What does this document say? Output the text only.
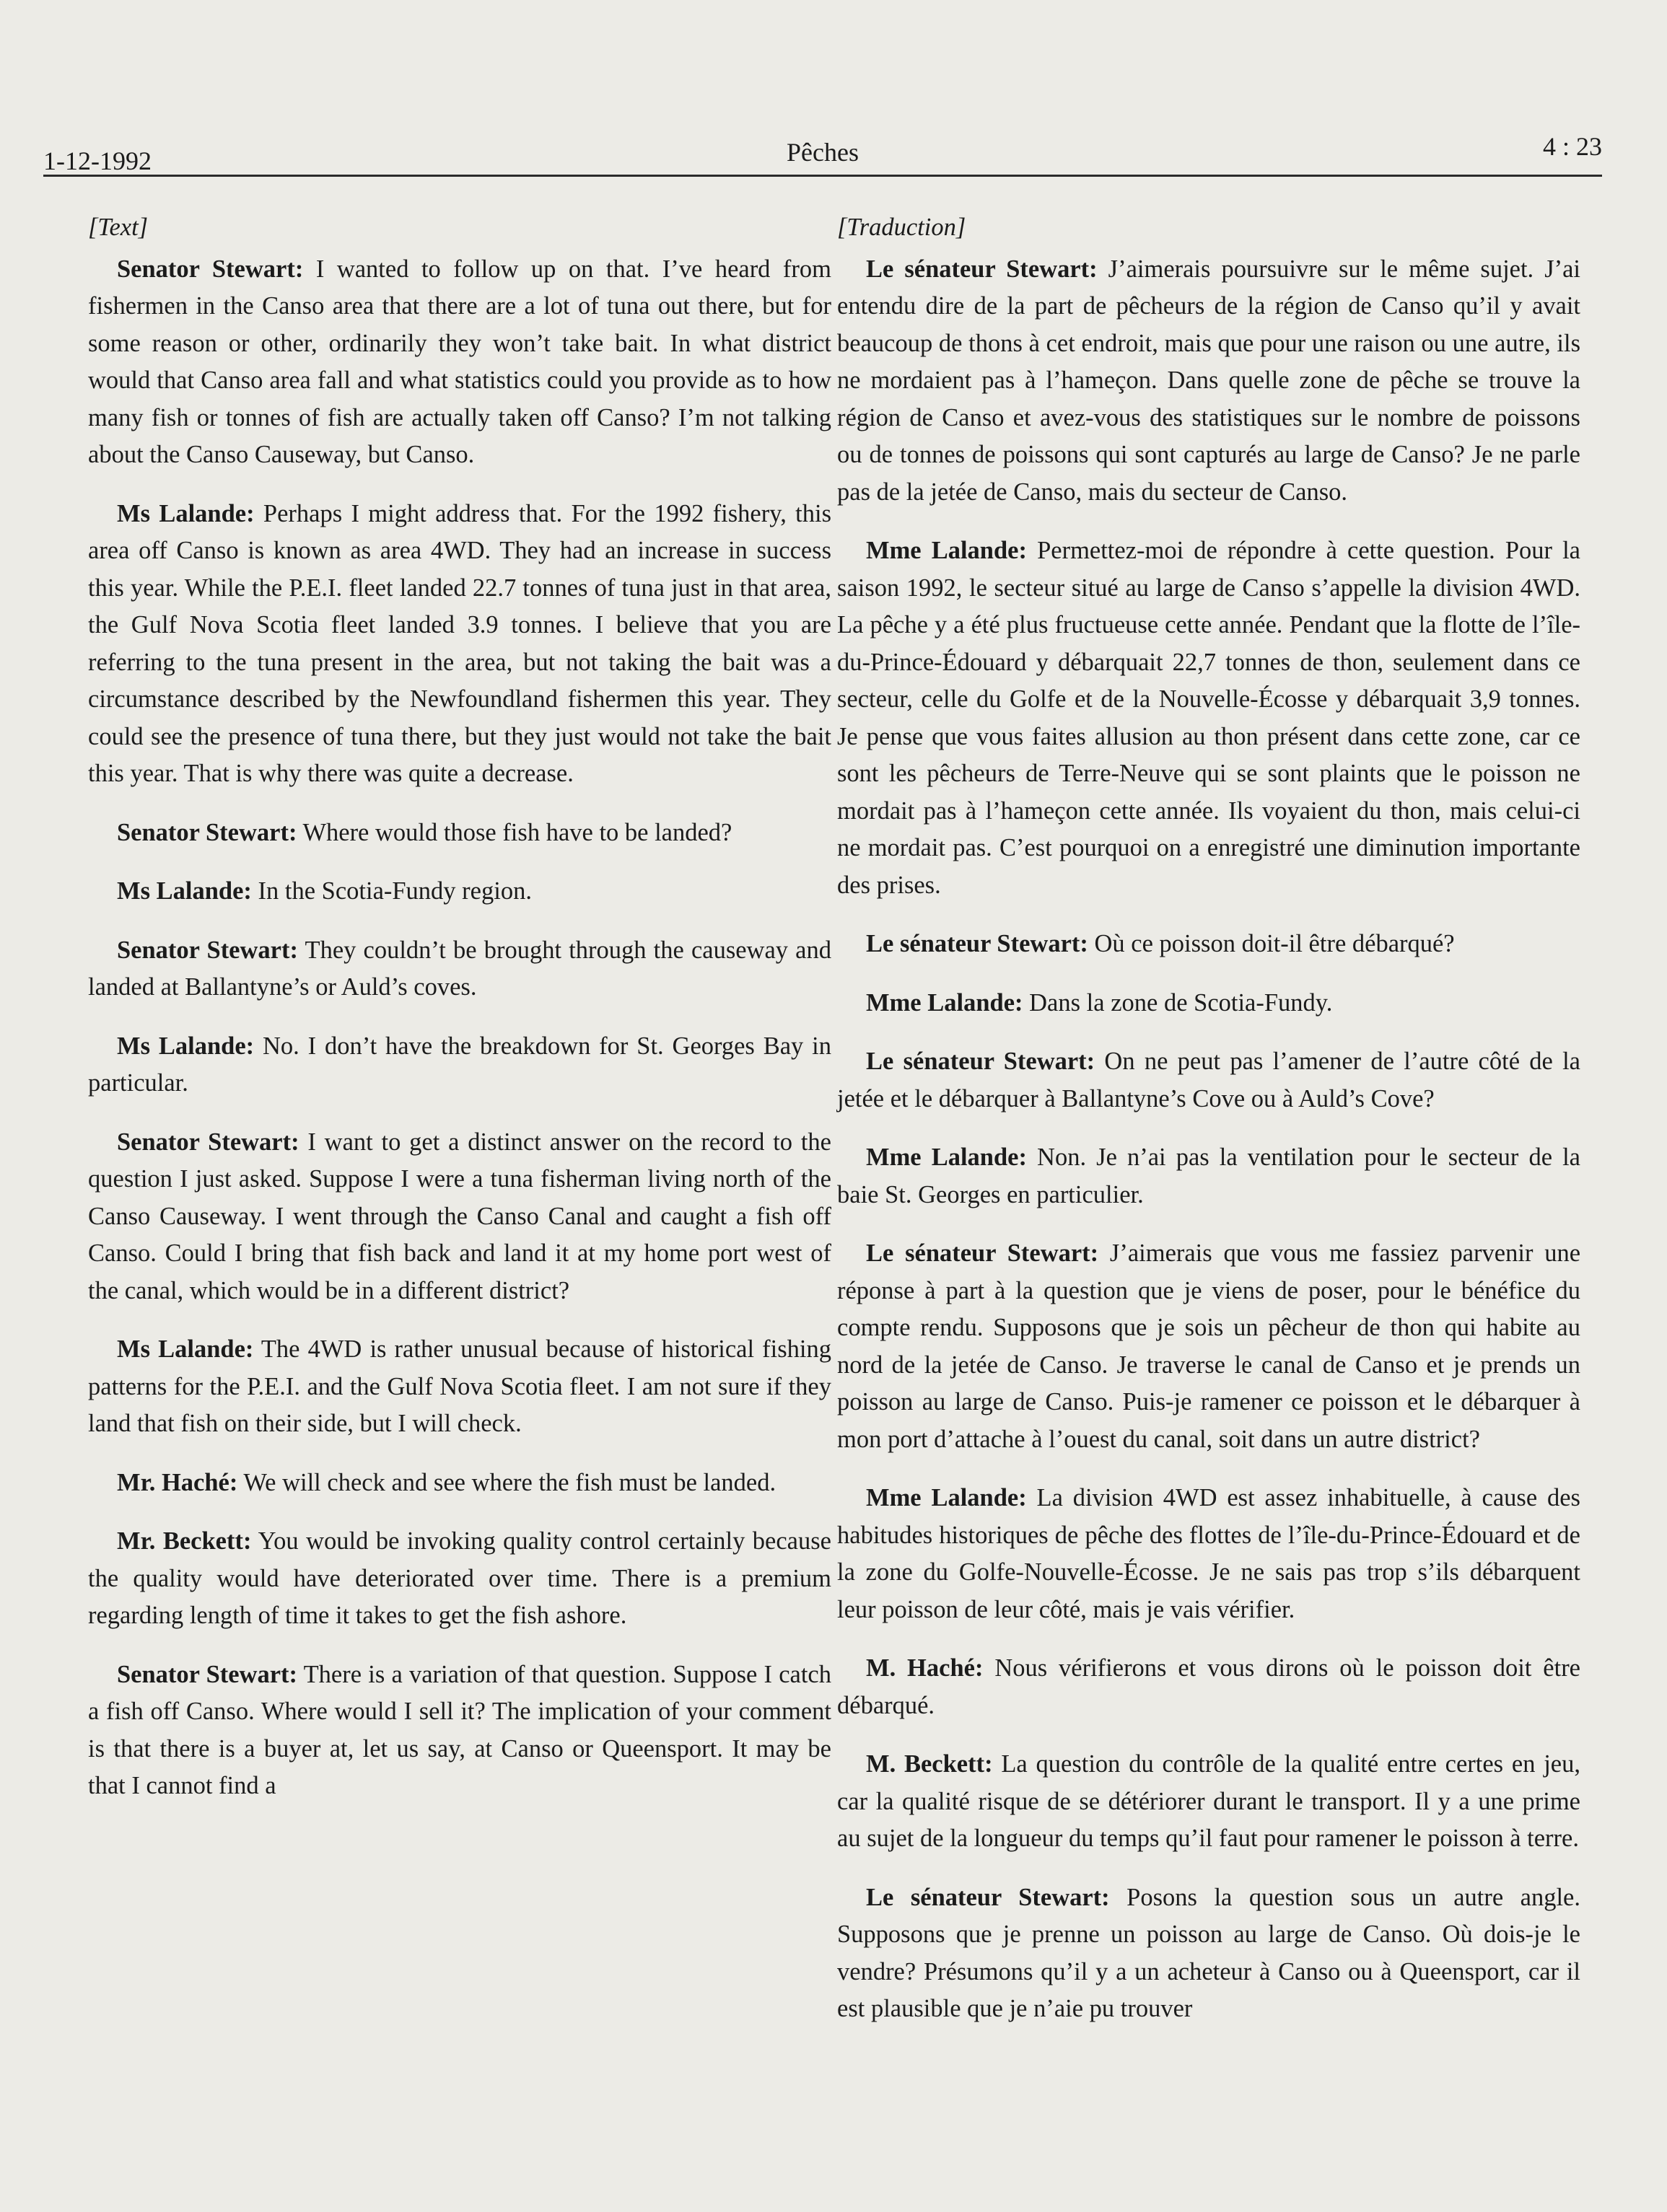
1-12-1992	Pêches	4 : 23

[Text]

Senator Stewart: I wanted to follow up on that. I’ve heard from fishermen in the Canso area that there are a lot of tuna out there, but for some reason or other, ordinarily they won’t take bait. In what district would that Canso area fall and what statistics could you provide as to how many fish or tonnes of fish are actually taken off Canso? I’m not talking about the Canso Causeway, but Canso.

Ms Lalande: Perhaps I might address that. For the 1992 fishery, this area off Canso is known as area 4WD. They had an increase in success this year. While the P.E.I. fleet landed 22.7 tonnes of tuna just in that area, the Gulf Nova Scotia fleet landed 3.9 tonnes. I believe that you are referring to the tuna present in the area, but not taking the bait was a circumstance described by the Newfoundland fishermen this year. They could see the presence of tuna there, but they just would not take the bait this year. That is why there was quite a decrease.

Senator Stewart: Where would those fish have to be landed?

Ms Lalande: In the Scotia-Fundy region.

Senator Stewart: They couldn’t be brought through the causeway and landed at Ballantyne’s or Auld’s coves.

Ms Lalande: No. I don’t have the breakdown for St. Georges Bay in particular.

Senator Stewart: I want to get a distinct answer on the record to the question I just asked. Suppose I were a tuna fisherman living north of the Canso Causeway. I went through the Canso Canal and caught a fish off Canso. Could I bring that fish back and land it at my home port west of the canal, which would be in a different district?

Ms Lalande: The 4WD is rather unusual because of historical fishing patterns for the P.E.I. and the Gulf Nova Scotia fleet. I am not sure if they land that fish on their side, but I will check.

Mr. Haché: We will check and see where the fish must be landed.

Mr. Beckett: You would be invoking quality control certainly because the quality would have deteriorated over time. There is a premium regarding length of time it takes to get the fish ashore.

Senator Stewart: There is a variation of that question. Suppose I catch a fish off Canso. Where would I sell it? The implication of your comment is that there is a buyer at, let us say, at Canso or Queensport. It may be that I cannot find a

[Traduction]

Le sénateur Stewart: J’aimerais poursuivre sur le même sujet. J’ai entendu dire de la part de pêcheurs de la région de Canso qu’il y avait beaucoup de thons à cet endroit, mais que pour une raison ou une autre, ils ne mordaient pas à l’hameçon. Dans quelle zone de pêche se trouve la région de Canso et avez-vous des statistiques sur le nombre de poissons ou de tonnes de poissons qui sont capturés au large de Canso? Je ne parle pas de la jetée de Canso, mais du secteur de Canso.

Mme Lalande: Permettez-moi de répondre à cette question. Pour la saison 1992, le secteur situé au large de Canso s’appelle la division 4WD. La pêche y a été plus fructueuse cette année. Pendant que la flotte de l’île-du-Prince-Édouard y débarquait 22,7 tonnes de thon, seulement dans ce secteur, celle du Golfe et de la Nouvelle-Écosse y débarquait 3,9 tonnes. Je pense que vous faites allusion au thon présent dans cette zone, car ce sont les pêcheurs de Terre-Neuve qui se sont plaints que le poisson ne mordait pas à l’hameçon cette année. Ils voyaient du thon, mais celui-ci ne mordait pas. C’est pourquoi on a enregistré une diminution importante des prises.

Le sénateur Stewart: Où ce poisson doit-il être débarqué?

Mme Lalande: Dans la zone de Scotia-Fundy.

Le sénateur Stewart: On ne peut pas l’amener de l’autre côté de la jetée et le débarquer à Ballantyne’s Cove ou à Auld’s Cove?

Mme Lalande: Non. Je n’ai pas la ventilation pour le secteur de la baie St. Georges en particulier.

Le sénateur Stewart: J’aimerais que vous me fassiez parvenir une réponse à part à la question que je viens de poser, pour le bénéfice du compte rendu. Supposons que je sois un pêcheur de thon qui habite au nord de la jetée de Canso. Je traverse le canal de Canso et je prends un poisson au large de Canso. Puis-je ramener ce poisson et le débarquer à mon port d’attache à l’ouest du canal, soit dans un autre district?

Mme Lalande: La division 4WD est assez inhabituelle, à cause des habitudes historiques de pêche des flottes de l’île-du-Prince-Édouard et de la zone du Golfe-Nouvelle-Écosse. Je ne sais pas trop s’ils débarquent leur poisson de leur côté, mais je vais vérifier.

M. Haché: Nous vérifierons et vous dirons où le poisson doit être débarqué.

M. Beckett: La question du contrôle de la qualité entre certes en jeu, car la qualité risque de se détériorer durant le transport. Il y a une prime au sujet de la longueur du temps qu’il faut pour ramener le poisson à terre.

Le sénateur Stewart: Posons la question sous un autre angle. Supposons que je prenne un poisson au large de Canso. Où dois-je le vendre? Présumons qu’il y a un acheteur à Canso ou à Queensport, car il est plausible que je n’aie pu trouver
